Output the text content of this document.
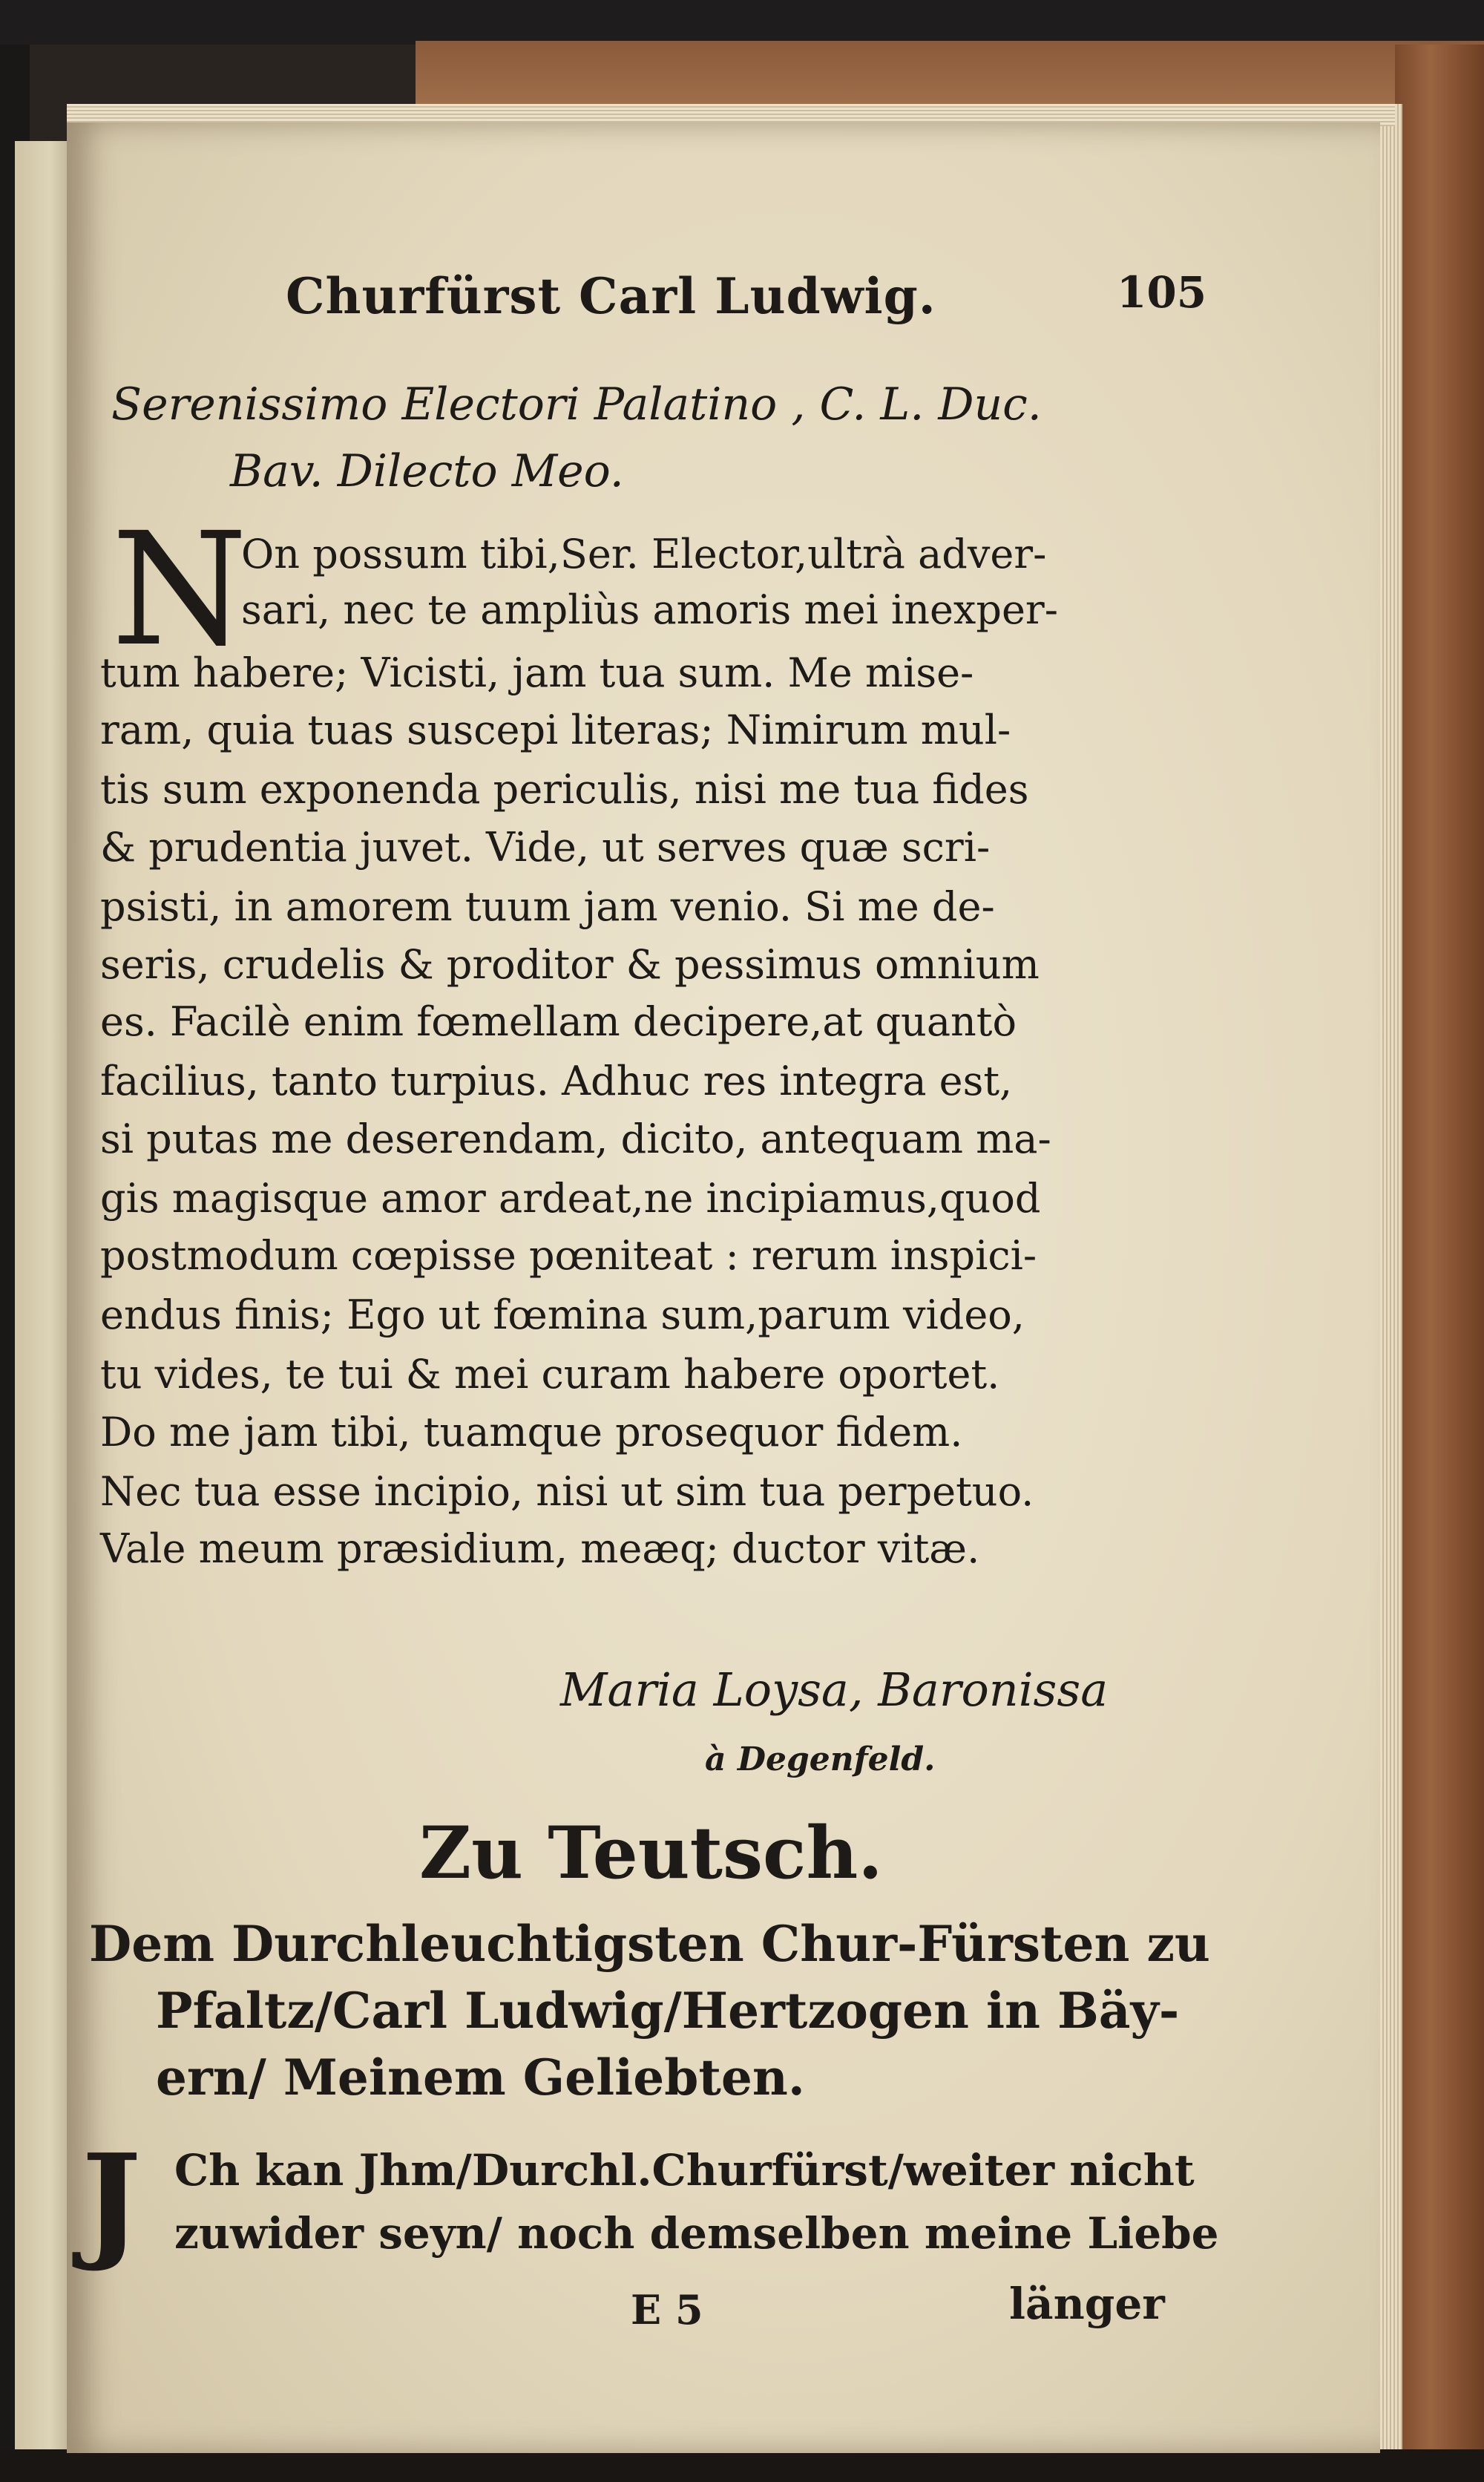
Churfürst Carl Ludwig.	105
Serenissimo Electori Palatino , C. L. Duc.
Bav. Dilecto Meo.
N
On possum tibi,Ser. Elector,ultrà adver-
sari, nec te ampliùs amoris mei inexper-
tum habere; Vicisti, jam tua sum. Me mise-
ram, quia tuas suscepi literas; Nimirum mul-
tis sum exponenda periculis, nisi me tua fides
& prudentia juvet. Vide, ut serves quæ scri-
psisti, in amorem tuum jam venio. Si me de-
seris, crudelis & proditor & pessimus omnium
es. Facilè enim fœmellam decipere,at quantò
facilius, tanto turpius. Adhuc res integra est,
si putas me deserendam, dicito, antequam ma-
gis magisque amor ardeat,ne incipiamus,quod
postmodum cœpisse pœniteat : rerum inspici-
endus finis; Ego ut fœmina sum,parum video,
tu vides, te tui & mei curam habere oportet.
Do me jam tibi, tuamque prosequor fidem.
Nec tua esse incipio, nisi ut sim tua perpetuo.
Vale meum præsidium, meæq; ductor vitæ.
Maria Loysa, Baronissa
à Degenfeld.
Zu Teutsch.
Dem Durchleuchtigsten Chur-Fürsten zu
Pfaltz/Carl Ludwig/Hertzogen in Bäy-
ern/ Meinem Geliebten.
J Ch kan Jhm/Durchl.Churfürst/weiter nicht
zuwider seyn/ noch demselben meine Liebe
E 5	länger
